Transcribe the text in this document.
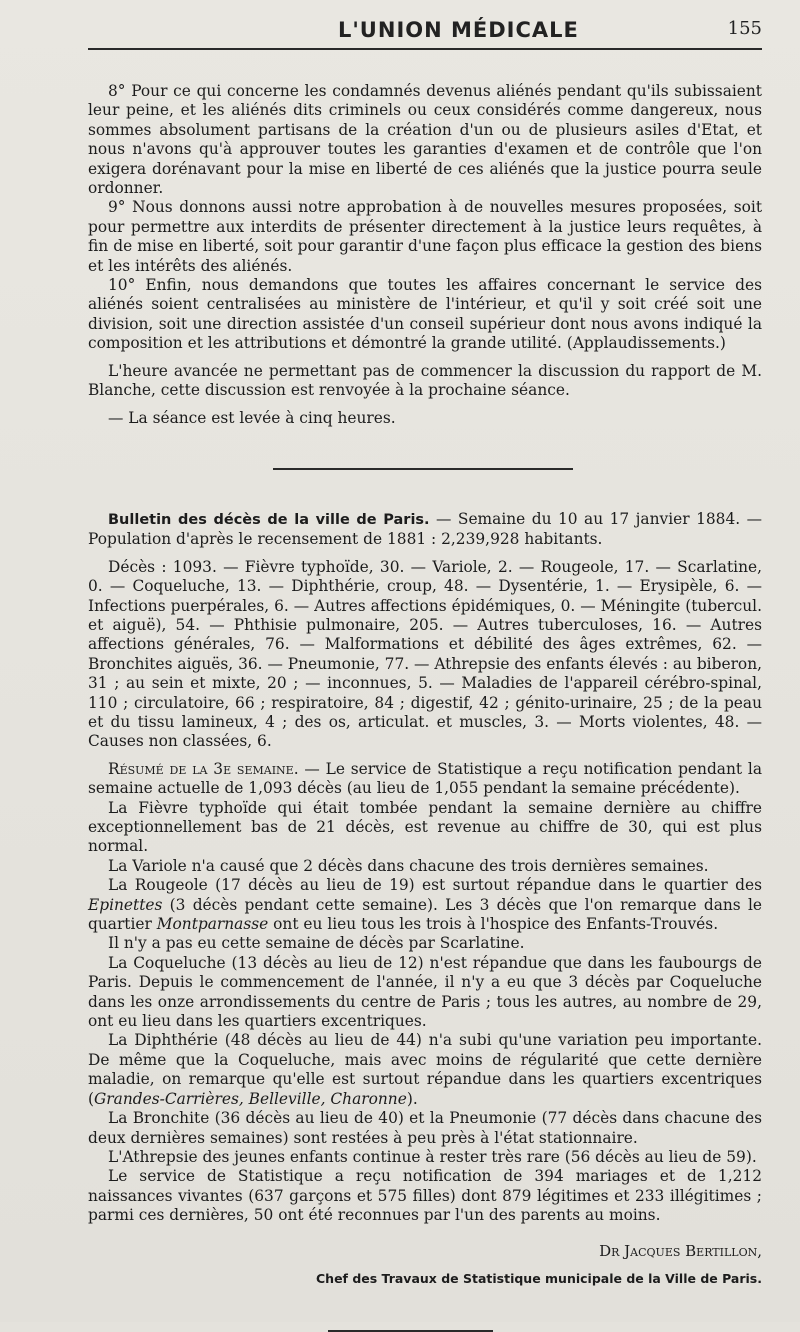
L'UNION MÉDICALE	155

8° Pour ce qui concerne les condamnés devenus aliénés pendant qu'ils subissaient leur peine, et les aliénés dits criminels ou ceux considérés comme dangereux, nous sommes absolument partisans de la création d'un ou de plusieurs asiles d'Etat, et nous n'avons qu'à approuver toutes les garanties d'examen et de contrôle que l'on exigera dorénavant pour la mise en liberté de ces aliénés que la justice pourra seule ordonner.

9° Nous donnons aussi notre approbation à de nouvelles mesures proposées, soit pour permettre aux interdits de présenter directement à la justice leurs requêtes, à fin de mise en liberté, soit pour garantir d'une façon plus efficace la gestion des biens et les intérêts des aliénés.

10° Enfin, nous demandons que toutes les affaires concernant le service des aliénés soient centralisées au ministère de l'intérieur, et qu'il y soit créé soit une division, soit une direction assistée d'un conseil supérieur dont nous avons indiqué la composition et les attributions et démontré la grande utilité. (Applaudissements.)

L'heure avancée ne permettant pas de commencer la discussion du rapport de M. Blanche, cette discussion est renvoyée à la prochaine séance.

— La séance est levée à cinq heures.

Bulletin des décès de la ville de Paris. — Semaine du 10 au 17 janvier 1884. — Population d'après le recensement de 1881 : 2,239,928 habitants.

Décès : 1093. — Fièvre typhoïde, 30. — Variole, 2. — Rougeole, 17. — Scarlatine, 0. — Coqueluche, 13. — Diphthérie, croup, 48. — Dysentérie, 1. — Erysipèle, 6. — Infections puerpérales, 6. — Autres affections épidémiques, 0. — Méningite (tubercul. et aiguë), 54. — Phthisie pulmonaire, 205. — Autres tuberculoses, 16. — Autres affections générales, 76. — Malformations et débilité des âges extrêmes, 62. — Bronchites aiguës, 36. — Pneumonie, 77. — Athrepsie des enfants élevés : au biberon, 31 ; au sein et mixte, 20 ; — inconnues, 5. — Maladies de l'appareil cérébro-spinal, 110 ; circulatoire, 66 ; respiratoire, 84 ; digestif, 42 ; génito-urinaire, 25 ; de la peau et du tissu lamineux, 4 ; des os, articulat. et muscles, 3. — Morts violentes, 48. — Causes non classées, 6.

Résumé de la 3e semaine. — Le service de Statistique a reçu notification pendant la semaine actuelle de 1,093 décès (au lieu de 1,055 pendant la semaine précédente).

La Fièvre typhoïde qui était tombée pendant la semaine dernière au chiffre exceptionnellement bas de 21 décès, est revenue au chiffre de 30, qui est plus normal.

La Variole n'a causé que 2 décès dans chacune des trois dernières semaines.

La Rougeole (17 décès au lieu de 19) est surtout répandue dans le quartier des Epinettes (3 décès pendant cette semaine). Les 3 décès que l'on remarque dans le quartier Montparnasse ont eu lieu tous les trois à l'hospice des Enfants-Trouvés.

Il n'y a pas eu cette semaine de décès par Scarlatine.

La Coqueluche (13 décès au lieu de 12) n'est répandue que dans les faubourgs de Paris. Depuis le commencement de l'année, il n'y a eu que 3 décès par Coqueluche dans les onze arrondissements du centre de Paris ; tous les autres, au nombre de 29, ont eu lieu dans les quartiers excentriques.

La Diphthérie (48 décès au lieu de 44) n'a subi qu'une variation peu importante. De même que la Coqueluche, mais avec moins de régularité que cette dernière maladie, on remarque qu'elle est surtout répandue dans les quartiers excentriques (Grandes-Carrières, Belleville, Charonne).

La Bronchite (36 décès au lieu de 40) et la Pneumonie (77 décès dans chacune des deux dernières semaines) sont restées à peu près à l'état stationnaire.

L'Athrepsie des jeunes enfants continue à rester très rare (56 décès au lieu de 59).

Le service de Statistique a reçu notification de 394 mariages et de 1,212 naissances vivantes (637 garçons et 575 filles) dont 879 légitimes et 233 illégitimes ; parmi ces dernières, 50 ont été reconnues par l'un des parents au moins.

Dr Jacques Bertillon,
Chef des Travaux de Statistique municipale de la Ville de Paris.
